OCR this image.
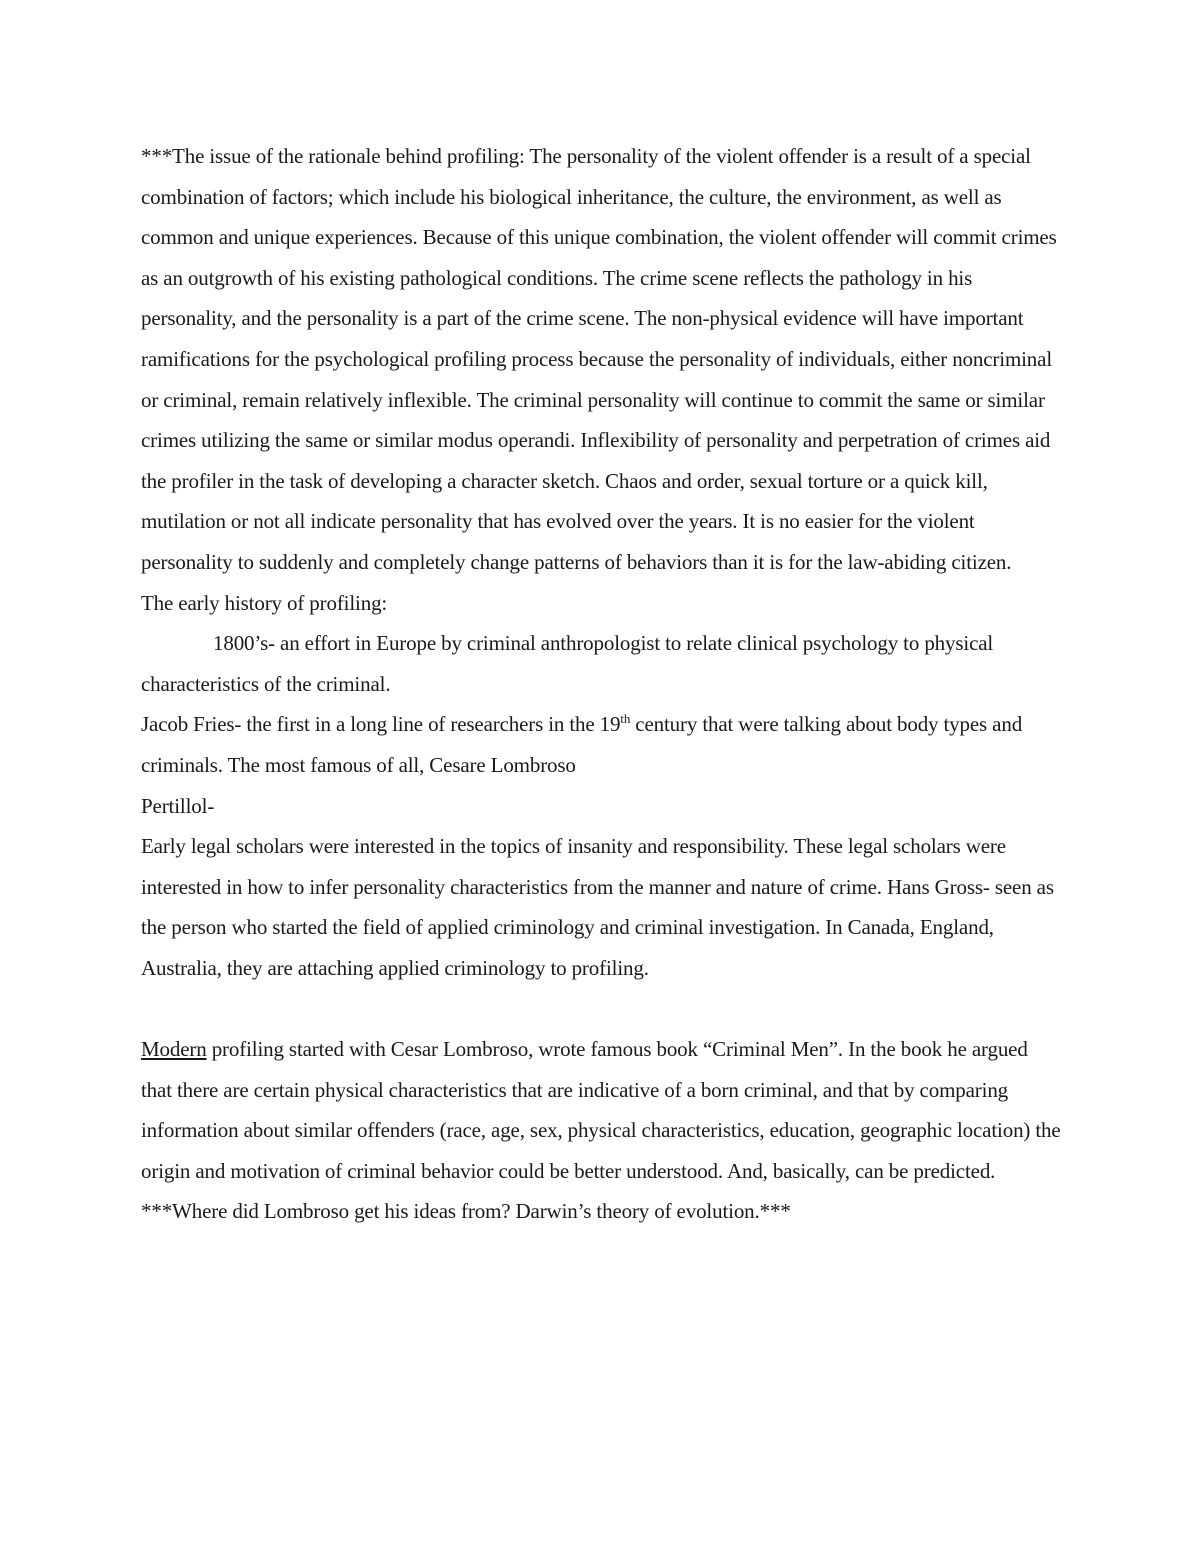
***The issue of the rationale behind profiling: The personality of the violent offender is a result of a special combination of factors; which include his biological inheritance, the culture, the environment, as well as common and unique experiences. Because of this unique combination, the violent offender will commit crimes as an outgrowth of his existing pathological conditions. The crime scene reflects the pathology in his personality, and the personality is a part of the crime scene. The non-physical evidence will have important ramifications for the psychological profiling process because the personality of individuals, either noncriminal or criminal, remain relatively inflexible. The criminal personality will continue to commit the same or similar crimes utilizing the same or similar modus operandi. Inflexibility of personality and perpetration of crimes aid the profiler in the task of developing a character sketch. Chaos and order, sexual torture or a quick kill, mutilation or not all indicate personality that has evolved over the years. It is no easier for the violent personality to suddenly and completely change patterns of behaviors than it is for the law-abiding citizen.

The early history of profiling:

1800’s- an effort in Europe by criminal anthropologist to relate clinical psychology to physical characteristics of the criminal.

Jacob Fries- the first in a long line of researchers in the 19th century that were talking about body types and criminals. The most famous of all, Cesare Lombroso

Pertillol-

Early legal scholars were interested in the topics of insanity and responsibility. These legal scholars were interested in how to infer personality characteristics from the manner and nature of crime. Hans Gross- seen as the person who started the field of applied criminology and criminal investigation. In Canada, England, Australia, they are attaching applied criminology to profiling.

Modern profiling started with Cesar Lombroso, wrote famous book “Criminal Men”. In the book he argued that there are certain physical characteristics that are indicative of a born criminal, and that by comparing information about similar offenders (race, age, sex, physical characteristics, education, geographic location) the origin and motivation of criminal behavior could be better understood. And, basically, can be predicted.

***Where did Lombroso get his ideas from? Darwin’s theory of evolution.***
